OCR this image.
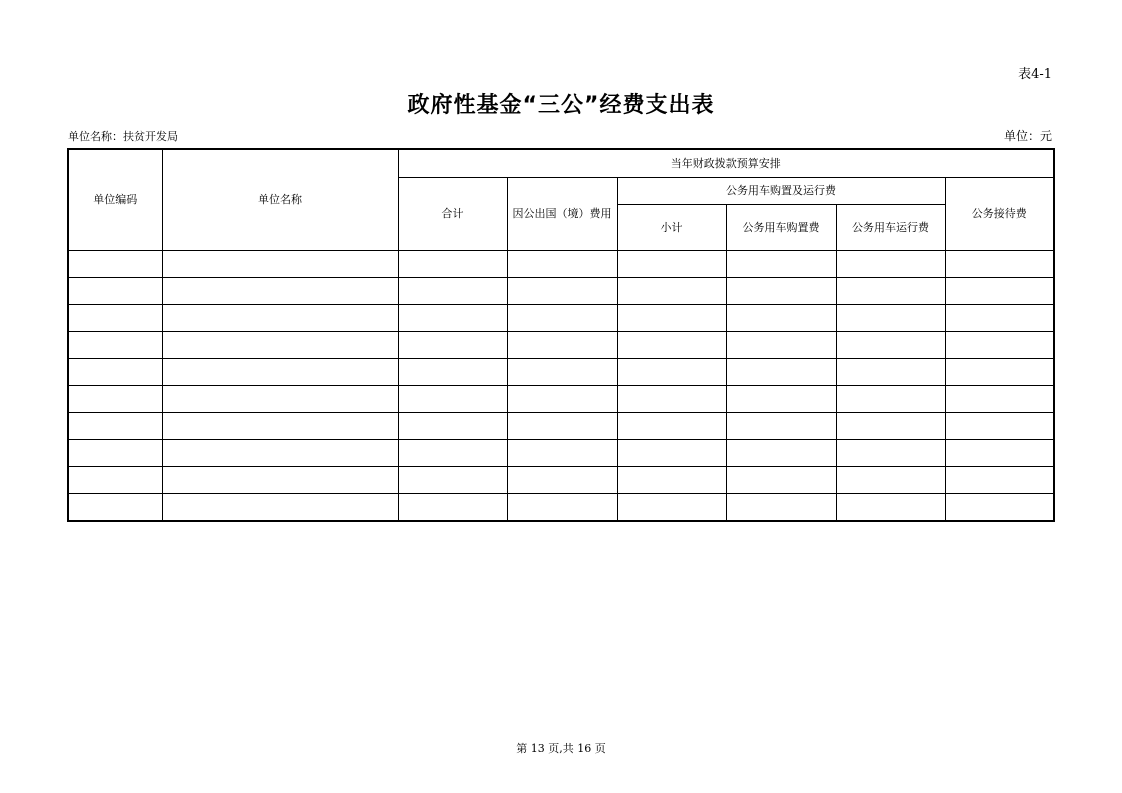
表4-1
政府性基金“三公”经费支出表
单位名称：扶贫开发局	单位：元
单位编码	单位名称	当年财政拨款预算安排					
		合计	因公出国（境）费用	公务用车购置及运行费			公务接待费
				小计	公务用车购置费	公务用车运行费	

第 13 页,共 16 页
